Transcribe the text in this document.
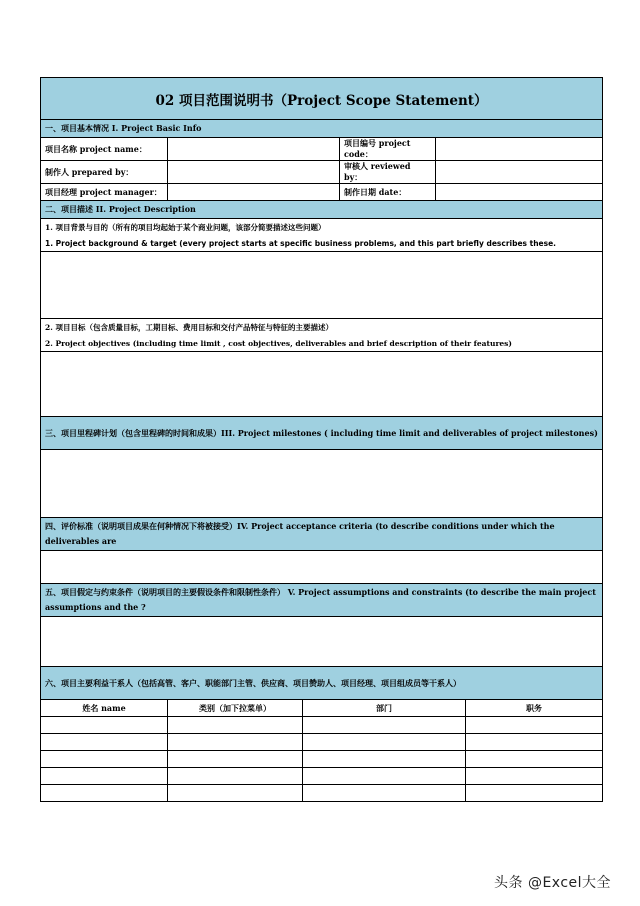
02 项目范围说明书（Project Scope Statement）					
一、项目基本情况 I. Project Basic Info					
项目名称 project name：			项目编号 project code：		
制作人 prepared by：			审核人 reviewed by：		
项目经理 project manager：			制作日期 date：		
二、项目描述 II. Project Description					
1. 项目背景与目的（所有的项目均起始于某个商业问题，该部分简要描述这些问题）					
1. Project background & target (every project starts at specific business problems, and this part briefly describes these.					

2. 项目目标（包含质量目标，工期目标、费用目标和交付产品特征与特征的主要描述）					
2. Project objectives (including time limit , cost objectives, deliverables and brief description of their features)					

三、项目里程碑计划（包含里程碑的时间和成果）III. Project milestones ( including time limit and deliverables of project milestones)					

四、评价标准（说明项目成果在何种情况下将被接受）IV. Project acceptance criteria (to describe conditions under which the deliverables are					

五、项目假定与约束条件（说明项目的主要假设条件和限制性条件） V. Project assumptions and constraints (to describe the main project assumptions and the ?					

六、项目主要利益干系人（包括高管、客户、职能部门主管、供应商、项目赞助人、项目经理、项目组成员等干系人）					
姓名 name	类别（加下拉菜单）	部门			职务

头条 @Excel大全
